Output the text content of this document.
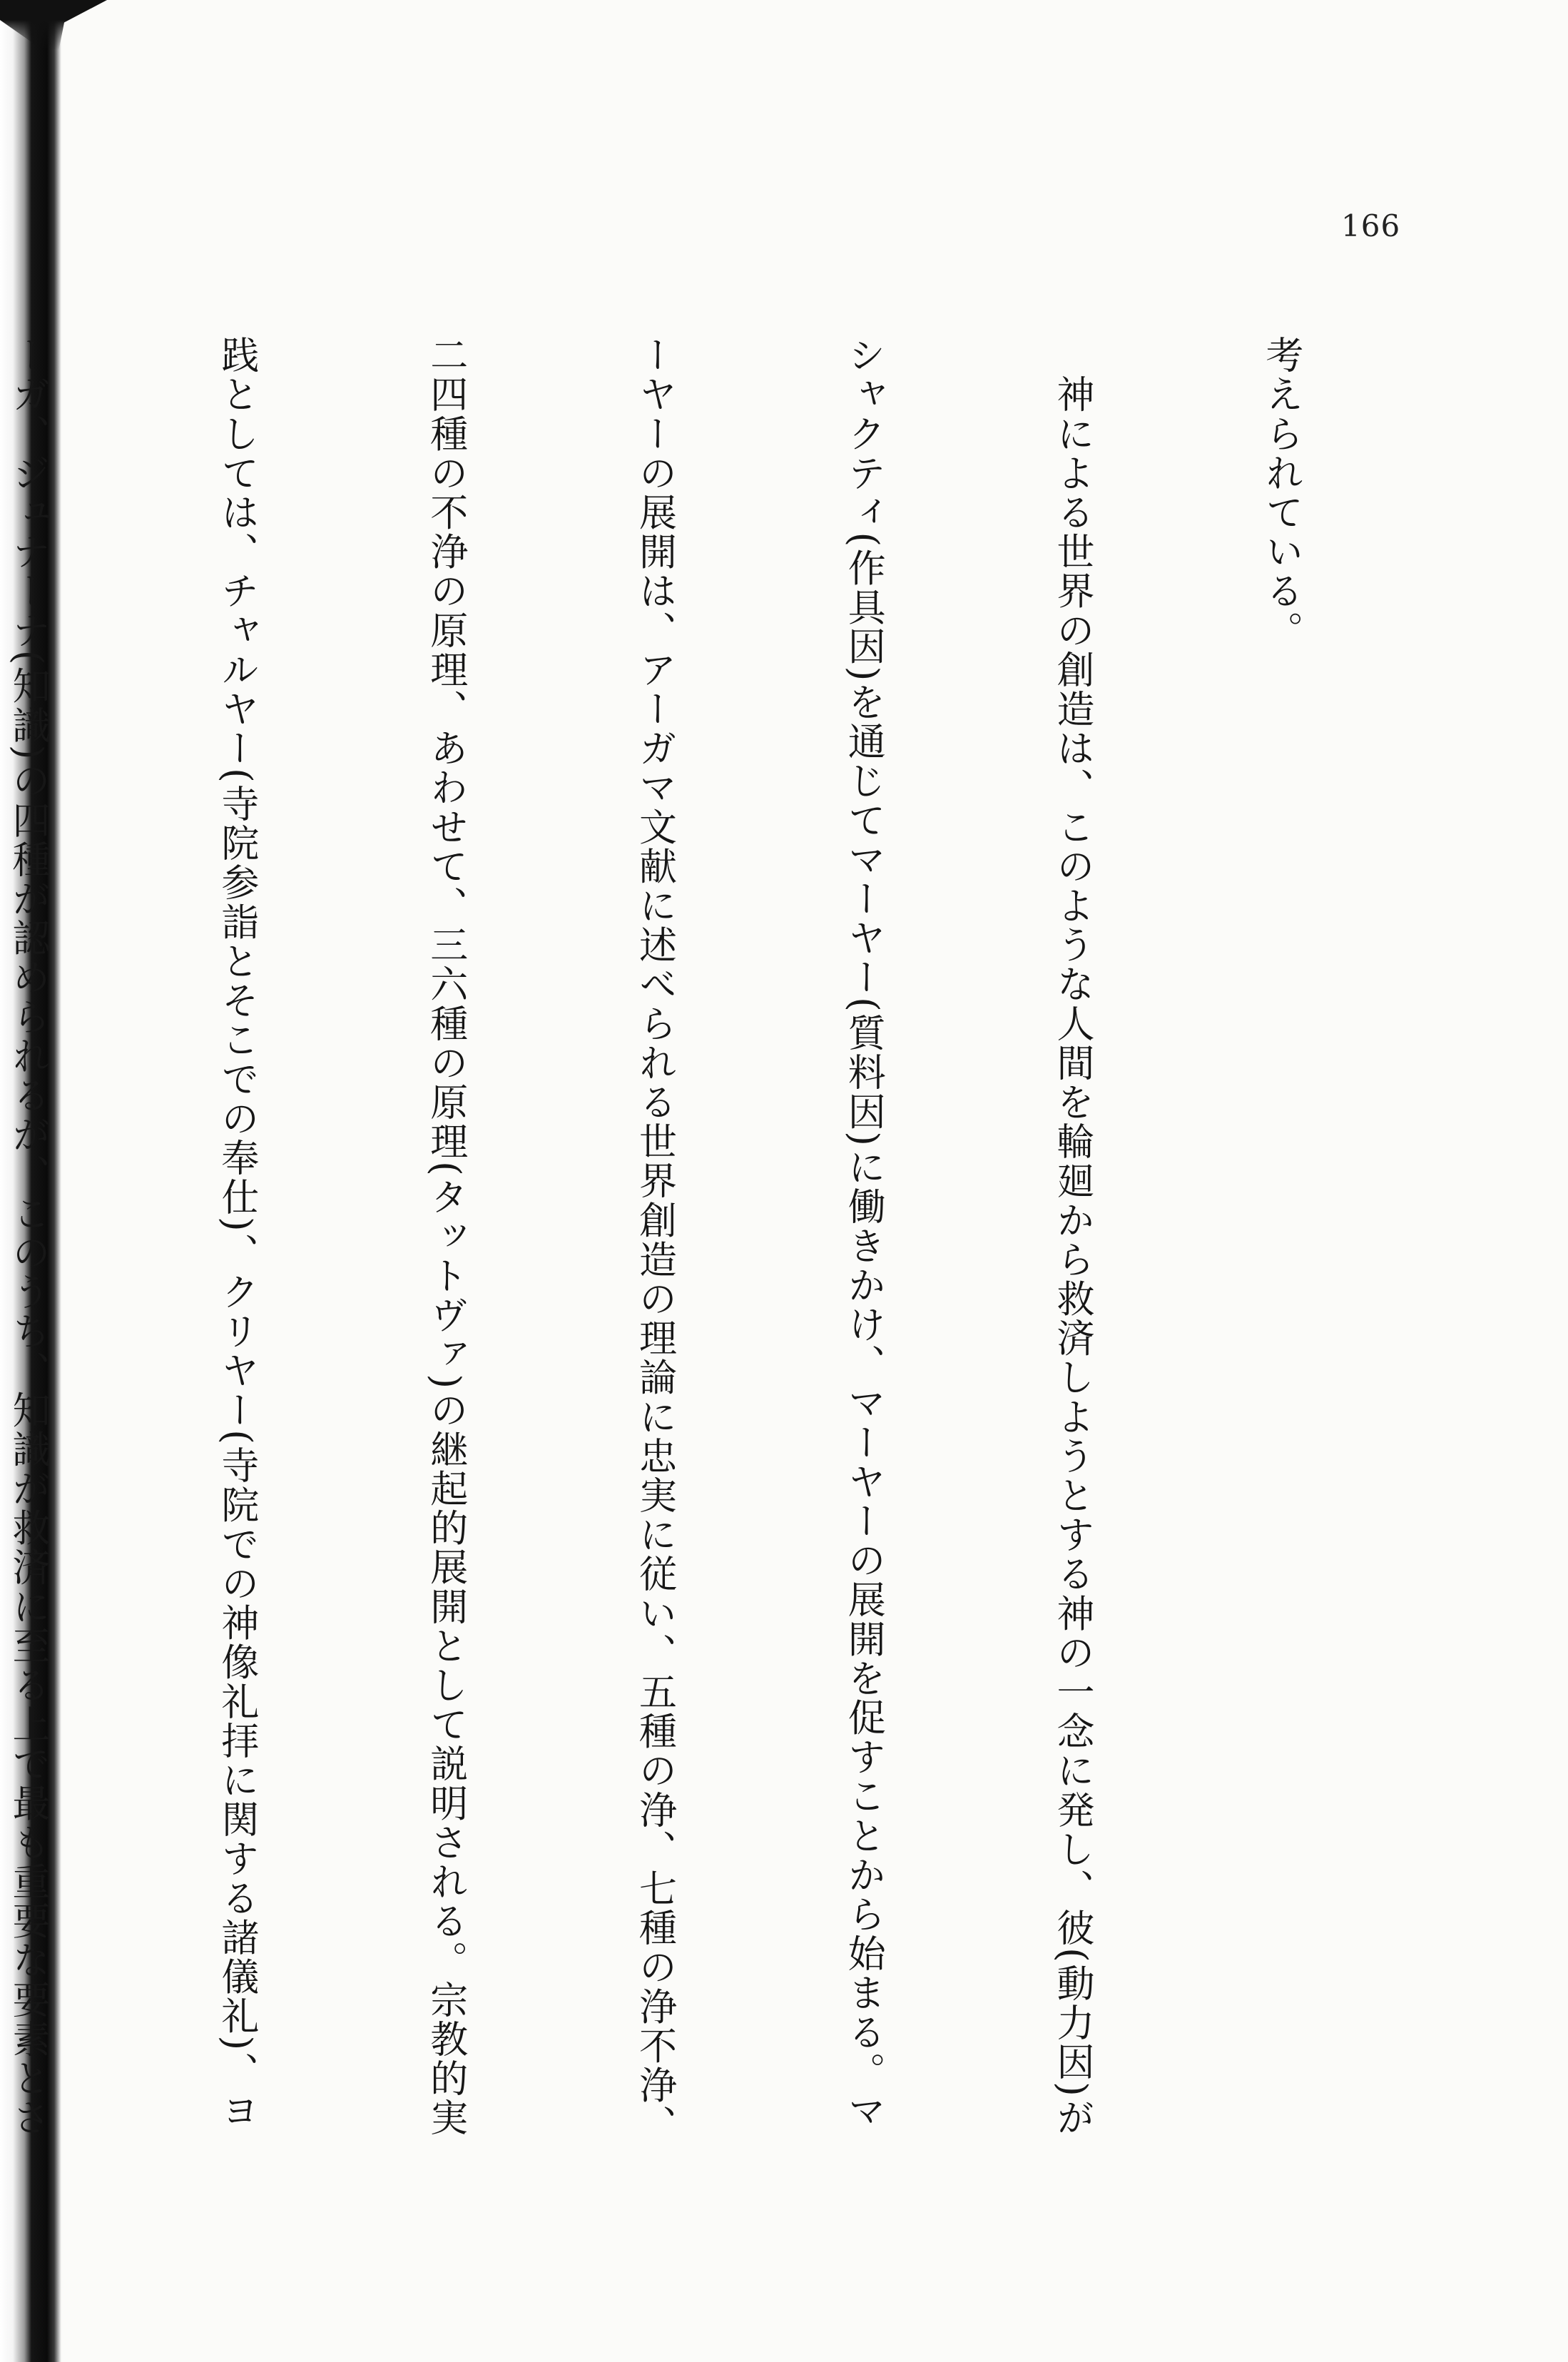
166

考えられている。

　神による世界の創造は、このような人間を輪廻から救済しようとする神の一念に発し、彼(動力因)が

シャクティ(作具因)を通じてマーヤー(質料因)に働きかけ、マーヤーの展開を促すことから始まる。マ

ーヤーの展開は、アーガマ文献に述べられる世界創造の理論に忠実に従い、五種の浄、七種の浄不浄、

二四種の不浄の原理、あわせて、三六種の原理(タットヴァ)の継起的展開として説明される。宗教的実

践としては、チャルヤー(寺院参詣とそこでの奉仕)、クリヤー(寺院での神像礼拝に関する諸儀礼)、ヨ

ーガ、ジュナーナ(知識)の四種が認められるが、このうち、知識が救済に至る上で最も重要な要素とさ
